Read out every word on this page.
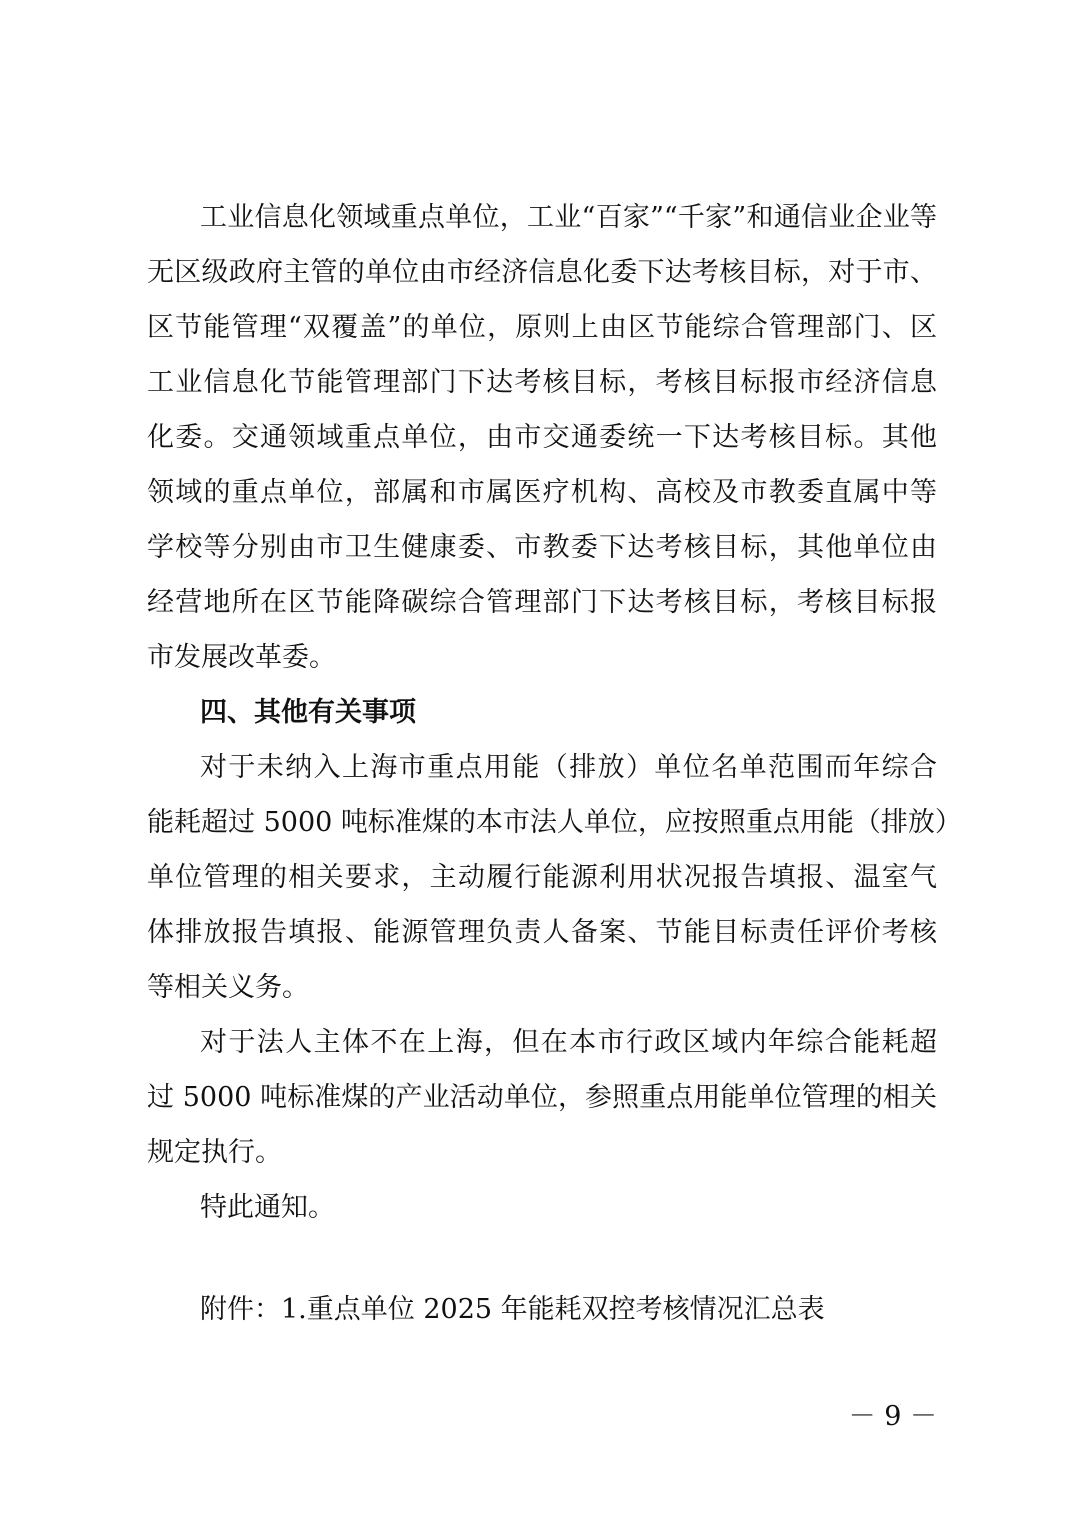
工业信息化领域重点单位，工业“百家”“千家”和通信业企业等
无区级政府主管的单位由市经济信息化委下达考核目标，对于市、
区节能管理“双覆盖”的单位，原则上由区节能综合管理部门、区
工业信息化节能管理部门下达考核目标，考核目标报市经济信息
化委。交通领域重点单位，由市交通委统一下达考核目标。其他
领域的重点单位，部属和市属医疗机构、高校及市教委直属中等
学校等分别由市卫生健康委、市教委下达考核目标，其他单位由
经营地所在区节能降碳综合管理部门下达考核目标，考核目标报
市发展改革委。
四、其他有关事项
对于未纳入上海市重点用能（排放）单位名单范围而年综合
能耗超过 5000 吨标准煤的本市法人单位，应按照重点用能（排放）
单位管理的相关要求，主动履行能源利用状况报告填报、温室气
体排放报告填报、能源管理负责人备案、节能目标责任评价考核
等相关义务。
对于法人主体不在上海，但在本市行政区域内年综合能耗超
过 5000 吨标准煤的产业活动单位，参照重点用能单位管理的相关
规定执行。
特此通知。
附件：1.重点单位 2025 年能耗双控考核情况汇总表
－ 9 －
